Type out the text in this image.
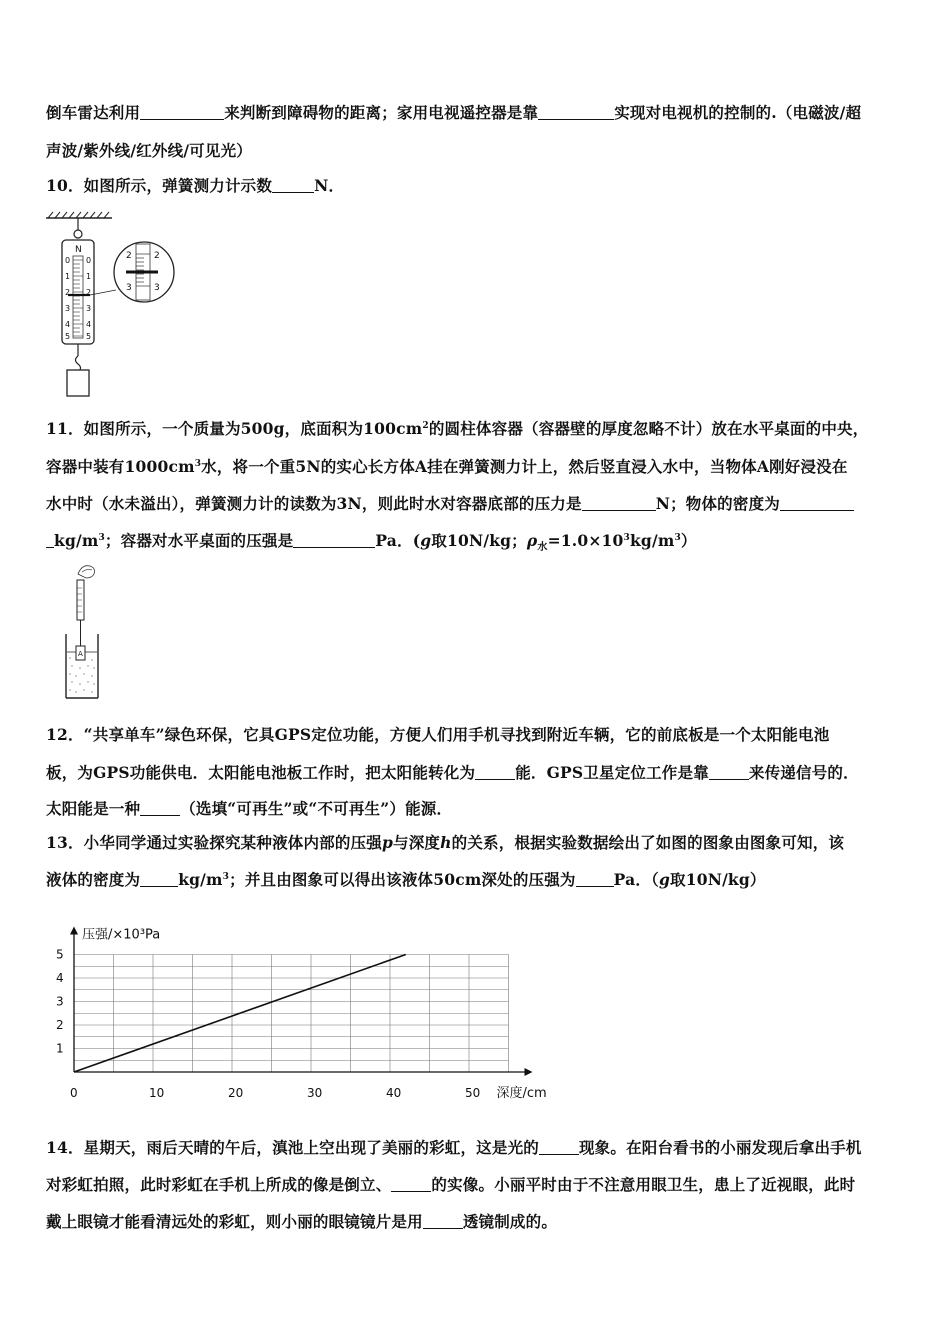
倒车雷达利用	来判断到障碍物的距离；家用电视遥控器是靠	实现对电视机的控制的.（电磁波/超
声波/紫外线/红外线/可见光）
10．如图所示，弹簧测力计示数	N．
N
0
1
2
3
4
5
0
1
2
3
4
5
2
3
2
3
11．如图所示，一个质量为500g，底面积为$100cm^2$的圆柱体容器（容器壁的厚度忽略不计）放在水平桌面的中央，
容器中装有$1000cm^3$水，将一个重5N的实心长方体A挂在弹簧测力计上，然后竖直浸入水中，当物体A刚好浸没在
水中时（水未溢出），弹簧测力计的读数为3N，则此时水对容器底部的压力是	N；物体的密度为
$kg/m^3$；容器对水平桌面的压强是	Pa．(g取10N/kg；$\rho_水=1.0\times 10^3kg/m^3$）
A
12．“共享单车”绿色环保，它具GPS定位功能，方便人们用手机寻找到附近车辆，它的前底板是一个太阳能电池
板，为GPS功能供电．太阳能电池板工作时，把太阳能转化为	能．GPS卫星定位工作是靠	来传递信号的．
太阳能是一种	（选填“可再生”或“不可再生”）能源．
13．小华同学通过实验探究某种液体内部的压强p与深度h的关系，根据实验数据绘出了如图的图象由图象可知，该
液体的密度为 $kg/m^3$；并且由图象可以得出该液体50cm深处的压强为 Pa．（g取10N/kg）
压强/×10³Pa
深度/cm
0	10	20	30	40	50
1
2
3
4
5
14．星期天，雨后天晴的午后，滇池上空出现了美丽的彩虹，这是光的	现象。在阳台看书的小丽发现后拿出手机
对彩虹拍照，此时彩虹在手机上所成的像是倒立、	的实像。小丽平时由于不注意用眼卫生，患上了近视眼，此时
戴上眼镜才能看清远处的彩虹，则小丽的眼镜镜片是用	透镜制成的。
